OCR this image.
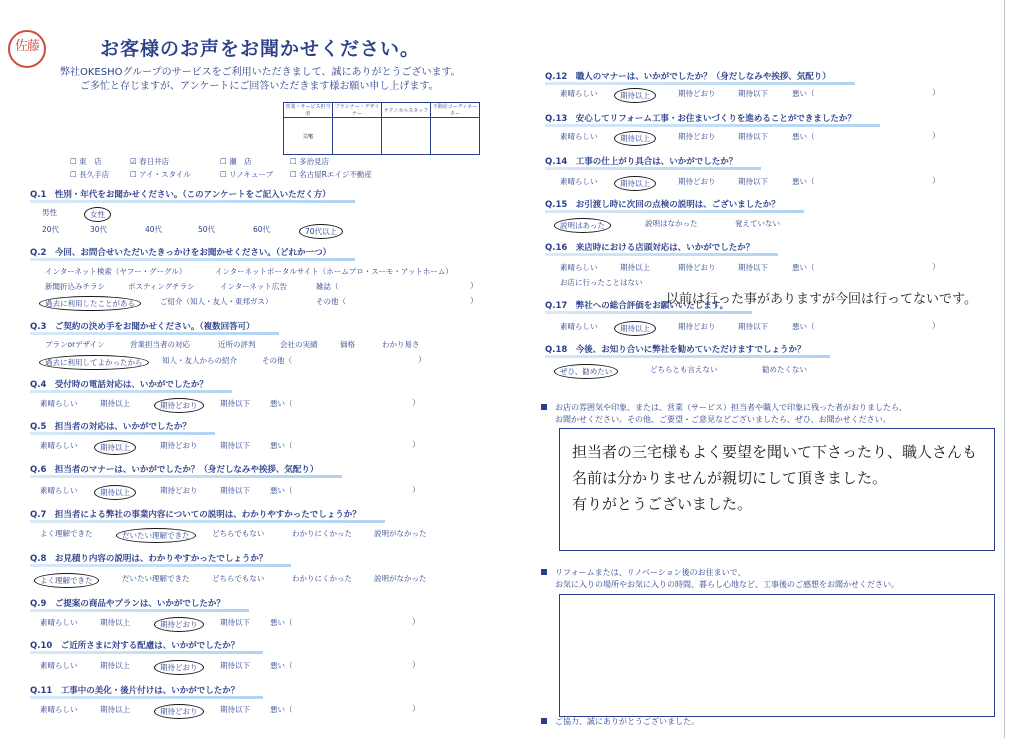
佐藤	お客様のお声をお聞かせください。
弊社OKESHOグループのサービスをご利用いただきまして、誠にありがとうございます。
ご多忙と存じますが、アンケートにご回答いただきます様お願い申し上げます。
営業・サービス担当者	プランナー・デザイナー	テクニカルスタッフ	不動産コーディネーター
三宅			
☐ 東　店	☑ 春日井店	☐ 瀬　店	☐ 多治見店
☐ 長久手店	☐ アイ・スタイル	☐ リノキューブ	☐ 名古屋Rエイジ不動産
Q.1　性別・年代をお聞かせください。（このアンケートをご記入いただく方）
男性	女性
20代	30代	40代	50代	60代	70代以上
Q.2　今回、お問合せいただいたきっかけをお聞かせください。（どれか一つ）
インターネット検索（ヤフー・グーグル）	インターネットポータルサイト（ホームプロ・スーモ・アットホーム）
新聞折込みチラシ	ポスティングチラシ	インターネット広告	雑誌（
過去に利用したことがある	ご紹介（知人・友人・東邦ガス）	その他（
）
）
Q.3　ご契約の決め手をお聞かせください。（複数回答可）
プランorデザイン	営業担当者の対応	近所の評判	会社の実績	価格	わかり易さ
過去に利用してよかったから	知人・友人からの紹介	その他（	）
Q.4　受付時の電話対応は、いかがでしたか？
素晴らしい	期待以上	期待どおり	期待以下	悪い（	）
Q.5　担当者の対応は、いかがでしたか？
素晴らしい	期待以上	期待どおり	期待以下	悪い（	）
Q.6　担当者のマナーは、いかがでしたか？（身だしなみや挨拶、気配り）
素晴らしい	期待以上	期待どおり	期待以下	悪い（	）
Q.7　担当者による弊社の事業内容についての説明は、わかりやすかったでしょうか？
よく理解できた	だいたい理解できた	どちらでもない	わかりにくかった	説明がなかった
Q.8　お見積り内容の説明は、わかりやすかったでしょうか？
よく理解できた	だいたい理解できた	どちらでもない	わかりにくかった	説明がなかった
Q.9　ご提案の商品やプランは、いかがでしたか？
素晴らしい	期待以上	期待どおり	期待以下	悪い（	）
Q.10　ご近所さまに対する配慮は、いかがでしたか？
素晴らしい	期待以上	期待どおり	期待以下	悪い（	）
Q.11　工事中の美化・後片付けは、いかがでしたか？
素晴らしい	期待以上	期待どおり	期待以下	悪い（	）
Q.12　職人のマナーは、いかがでしたか？（身だしなみや挨拶、気配り）
素晴らしい	期待以上	期待どおり	期待以下	悪い（	）
Q.13　安心してリフォーム工事・お住まいづくりを進めることができましたか？
素晴らしい	期待以上	期待どおり	期待以下	悪い（	）
Q.14　工事の仕上がり具合は、いかがでしたか？
素晴らしい	期待以上	期待どおり	期待以下	悪い（	）
Q.15　お引渡し時に次回の点検の説明は、ございましたか？
説明はあった	説明はなかった	覚えていない
Q.16　来店時における店頭対応は、いかがでしたか？
素晴らしい	期待以上	期待どおり	期待以下	悪い（
お店に行ったことはない
）
Q.17　弊社への総合評価をお願いいたします。
素晴らしい	期待以上	期待どおり	期待以下	悪い（	）
Q.18　今後、お知り合いに弊社を勧めていただけますでしょうか？
ぜひ、勧めたい	どちらとも言えない	勧めたくない
以前は行った事がありますが今回は行ってないです。
お店の雰囲気や印象、または、営業（サービス）担当者や職人で印象に残った者がおりましたら、
お聞かせください。その他、ご要望・ご意見などございましたら、ぜひ、お聞かせください。
担当者の三宅様もよく要望を聞いて下さったり、職人さんも
名前は分かりませんが親切にして頂きました。
有りがとうございました。
リフォームまたは、リノベーション後のお住まいで、
お気に入りの場所やお気に入りの時間、暮らし心地など、工事後のご感想をお聞かせください。
ご協力、誠にありがとうございました。
